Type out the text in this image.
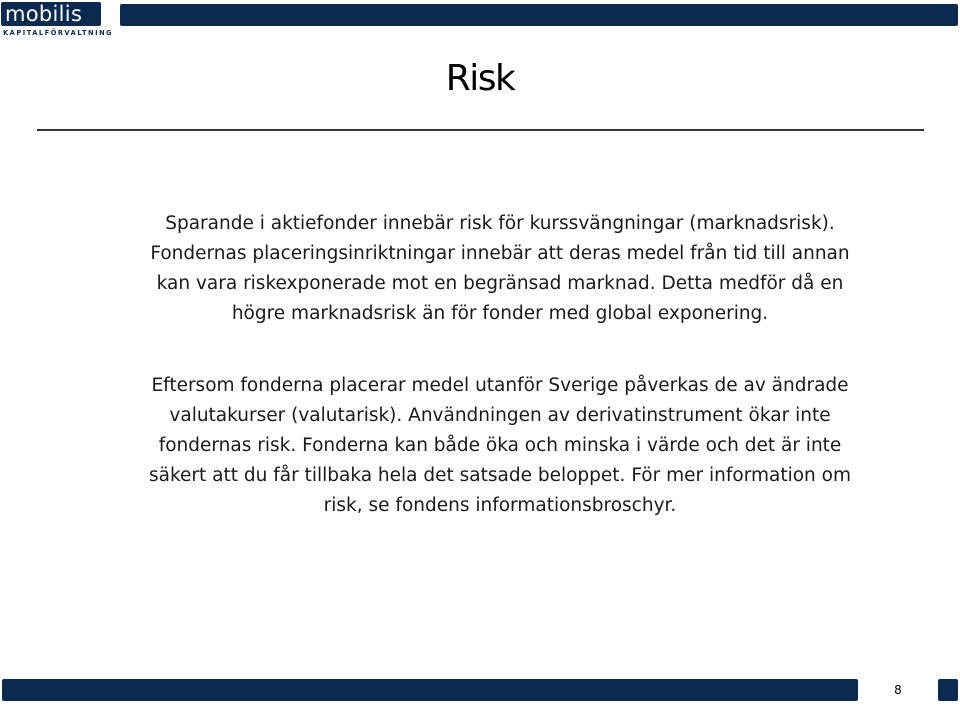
mobilis
KAPITALFÖRVALTNING
Risk

Sparande i aktiefonder innebär risk för kurssvängningar (marknadsrisk).
Fondernas placeringsinriktningar innebär att deras medel från tid till annan
kan vara riskexponerade mot en begränsad marknad. Detta medför då en
högre marknadsrisk än för fonder med global exponering.

Eftersom fonderna placerar medel utanför Sverige påverkas de av ändrade
valutakurser (valutarisk). Användningen av derivatinstrument ökar inte
fondernas risk. Fonderna kan både öka och minska i värde och det är inte
säkert att du får tillbaka hela det satsade beloppet. För mer information om
risk, se fondens informationsbroschyr.

8
